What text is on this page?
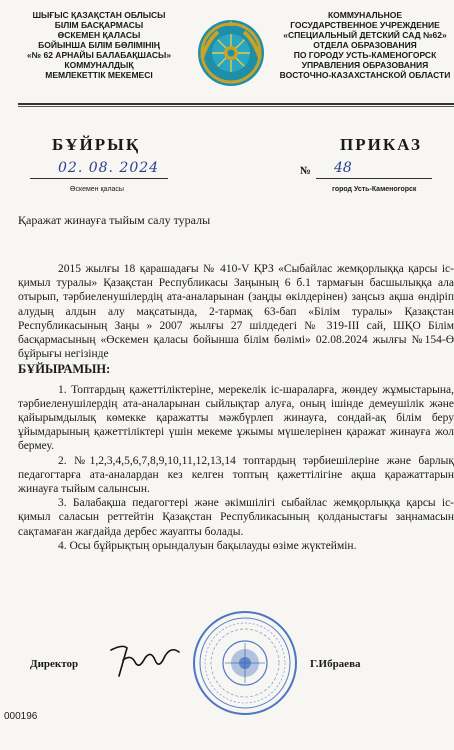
ШЫҒЫС ҚАЗАҚСТАН ОБЛЫСЫ
БІЛІМ БАСҚАРМАСЫ
ӨСКЕМЕН ҚАЛАСЫ
БОЙЫНША БІЛІМ БӨЛІМІНІҢ
«№ 62 АРНАЙЫ БАЛАБАҚШАСЫ»
КОММУНАЛДЫҚ
МЕМЛЕКЕТТІК МЕКЕМЕСІ
КОММУНАЛЬНОЕ
ГОСУДАРСТВЕННОЕ УЧРЕЖДЕНИЕ
«СПЕЦИАЛЬНЫЙ ДЕТСКИЙ САД №62»
ОТДЕЛА ОБРАЗОВАНИЯ
ПО ГОРОДУ УСТЬ-КАМЕНОГОРСК
УПРАВЛЕНИЯ ОБРАЗОВАНИЯ
ВОСТОЧНО-КАЗАХСТАНСКОЙ ОБЛАСТИ
БҰЙРЫҚ	ПРИКАЗ
02. 08. 2024	№ 48
Өскемен қаласы	город Усть-Каменогорск
Қаражат жинауға тыйым салу туралы

2015 жылғы 18 қарашадағы № 410-V ҚРЗ «Сыбайлас жемқорлыққа қарсы іс-қимыл туралы» Қазақстан Республикасы Заңының 6 б.1 тармағын басшылыққа ала отырып, тәрбиеленушілердің ата-аналарынан (заңды өкілдерінен) заңсыз ақша өндіріп алудың алдын алу мақсатында, 2-тармақ 63-бап «Білім туралы» Қазақстан Республикасының Заңы » 2007 жылғы 27 шілдедегі № 319-III сай, ШҚО Білім басқармасының «Өскемен қаласы бойынша білім бөлімі» 02.08.2024 жылғы №154-Ө бұйрығы негізінде

БҰЙЫРАМЫН:

1. Топтардың қажеттіліктеріне, мерекелік іс-шараларға, жөндеу жұмыстарына, тәрбиеленушілердің ата-аналарынан сыйлықтар алуға, оның ішінде демеушілік және қайырымдылық көмекке қаражатты мәжбүрлеп жинауға, сондай-ақ білім беру ұйымдарының қажеттіліктері үшін мекеме ұжымы мүшелерінен қаражат жинауға жол бермеу.

2. №1,2,3,4,5,6,7,8,9,10,11,12,13,14 топтардың тәрбиешілеріне және барлық педагогтарға ата-аналардан кез келген топтың қажеттілігіне ақша қаражаттарын жинауға тыйым салынсын.

3. Балабақша педагогтері және әкімшілігі сыбайлас жемқорлыққа қарсы іс-қимыл саласын реттейтін Қазақстан Республикасының қолданыстағы заңнамасын сақтамаған жағдайда дербес жауапты болады.

4. Осы бұйрықтың орындалуын бақылауды өзіме жүктеймін.

Директор	Г.Ибраева
000196
